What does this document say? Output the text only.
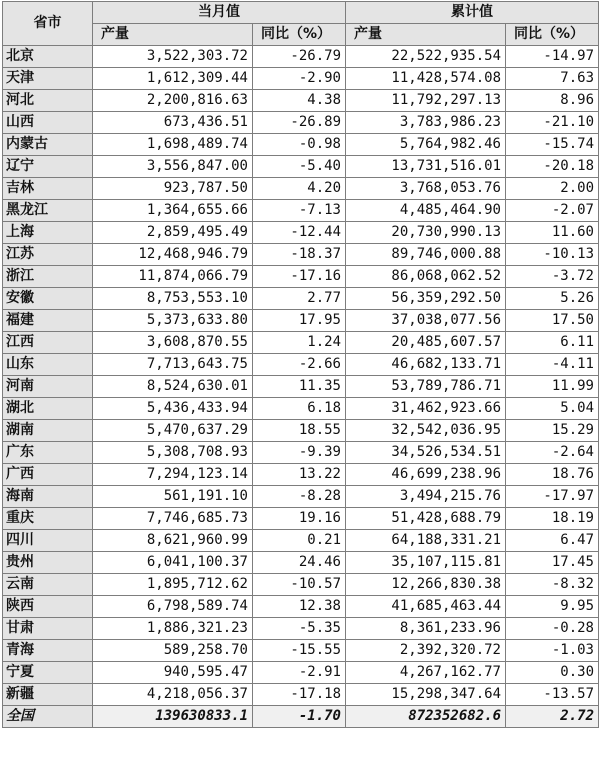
省市	当月值		累计值	
	产量	同比（%）	产量	同比（%）
北京	3,522,303.72	-26.79	22,522,935.54	-14.97
天津	1,612,309.44	-2.90	11,428,574.08	7.63
河北	2,200,816.63	4.38	11,792,297.13	8.96
山西	673,436.51	-26.89	3,783,986.23	-21.10
内蒙古	1,698,489.74	-0.98	5,764,982.46	-15.74
辽宁	3,556,847.00	-5.40	13,731,516.01	-20.18
吉林	923,787.50	4.20	3,768,053.76	2.00
黑龙江	1,364,655.66	-7.13	4,485,464.90	-2.07
上海	2,859,495.49	-12.44	20,730,990.13	11.60
江苏	12,468,946.79	-18.37	89,746,000.88	-10.13
浙江	11,874,066.79	-17.16	86,068,062.52	-3.72
安徽	8,753,553.10	2.77	56,359,292.50	5.26
福建	5,373,633.80	17.95	37,038,077.56	17.50
江西	3,608,870.55	1.24	20,485,607.57	6.11
山东	7,713,643.75	-2.66	46,682,133.71	-4.11
河南	8,524,630.01	11.35	53,789,786.71	11.99
湖北	5,436,433.94	6.18	31,462,923.66	5.04
湖南	5,470,637.29	18.55	32,542,036.95	15.29
广东	5,308,708.93	-9.39	34,526,534.51	-2.64
广西	7,294,123.14	13.22	46,699,238.96	18.76
海南	561,191.10	-8.28	3,494,215.76	-17.97
重庆	7,746,685.73	19.16	51,428,688.79	18.19
四川	8,621,960.99	0.21	64,188,331.21	6.47
贵州	6,041,100.37	24.46	35,107,115.81	17.45
云南	1,895,712.62	-10.57	12,266,830.38	-8.32
陕西	6,798,589.74	12.38	41,685,463.44	9.95
甘肃	1,886,321.23	-5.35	8,361,233.96	-0.28
青海	589,258.70	-15.55	2,392,320.72	-1.03
宁夏	940,595.47	-2.91	4,267,162.77	0.30
新疆	4,218,056.37	-17.18	15,298,347.64	-13.57
全国	139630833.1	-1.70	872352682.6	2.72
